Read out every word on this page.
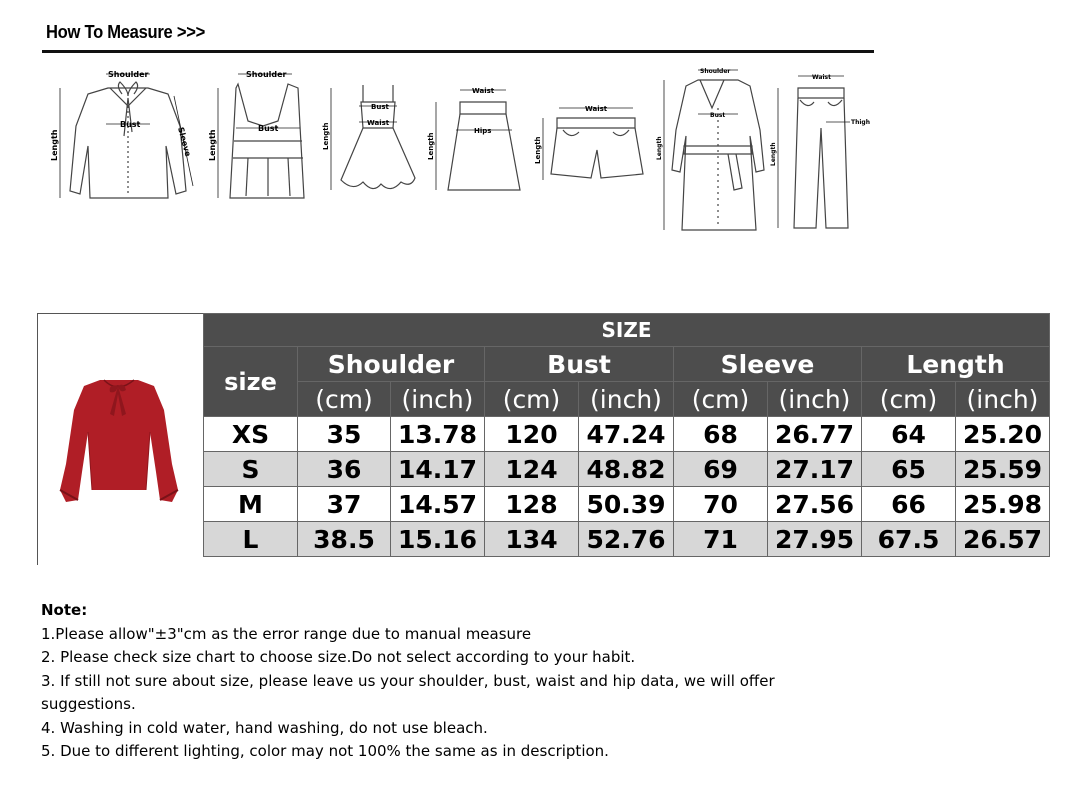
How To Measure >>>
Shoulder
Bust
Sleeve
Length
Shoulder
Bust
Length
Bust
Waist
Length
Waist
Hips
Length
Waist
Length
Shoulder
Bust
Length
Waist
Thigh
Length
SIZE								
size	Shoulder		Bust		Sleeve		Length	
	(cm)	(inch)	(cm)	(inch)	(cm)	(inch)	(cm)	(inch)
XS	35	13.78	120	47.24	68	26.77	64	25.20
S	36	14.17	124	48.82	69	27.17	65	25.59
M	37	14.57	128	50.39	70	27.56	66	25.98
L	38.5	15.16	134	52.76	71	27.95	67.5	26.57
Note:
1.Please allow"±3"cm as the error range due to manual measure
2. Please check size chart to choose size.Do not select according to your habit.
3. If still not sure about size, please leave us your shoulder, bust, waist and hip data, we will offer
suggestions.
4. Washing in cold water, hand washing, do not use bleach.
5. Due to different lighting, color may not 100% the same as in description.
